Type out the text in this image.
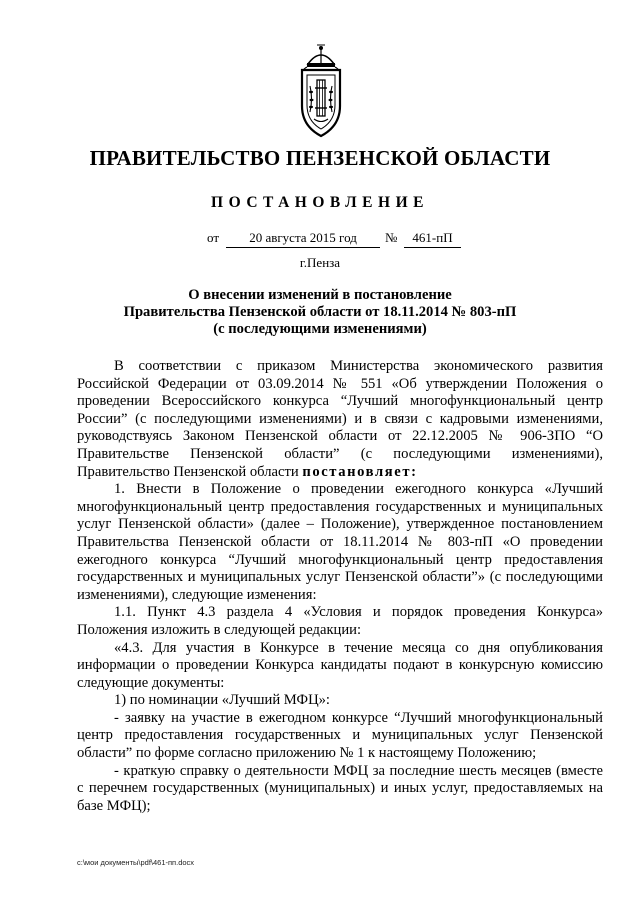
ПРАВИТЕЛЬСТВО ПЕНЗЕНСКОЙ ОБЛАСТИ
ПОСТАНОВЛЕНИЕ
от	20 августа 2015 год	№	461-пП
г.Пенза
О внесении изменений в постановление
Правительства Пензенской области от 18.11.2014 № 803-пП
(с последующими изменениями)

В соответствии с приказом Министерства экономического развития Российской Федерации от 03.09.2014 № 551 «Об утверждении Положения о проведении Всероссийского конкурса “Лучший многофункциональный центр России” (с последующими изменениями) и в связи с кадровыми изменениями, руководствуясь Законом Пензенской области от 22.12.2005 № 906-ЗПО “О Правительстве Пензенской области” (с последующими изменениями), Правительство Пензенской области постановляет:

1. Внести в Положение о проведении ежегодного конкурса «Лучший многофункциональный центр предоставления государственных и муниципальных услуг Пензенской области» (далее – Положение), утвержденное постановлением Правительства Пензенской области от 18.11.2014 № 803-пП «О проведении ежегодного конкурса “Лучший многофункциональный центр предоставления государственных и муниципальных услуг Пензенской области”» (с последующими изменениями), следующие изменения:

1.1. Пункт 4.3 раздела 4 «Условия и порядок проведения Конкурса» Положения изложить в следующей редакции:

«4.3. Для участия в Конкурсе в течение месяца со дня опубликования информации о проведении Конкурса кандидаты подают в конкурсную комиссию следующие документы:

1) по номинации «Лучший МФЦ»:

- заявку на участие в ежегодном конкурсе “Лучший многофункциональный центр предоставления государственных и муниципальных услуг Пензенской области” по форме согласно приложению № 1 к настоящему Положению;

- краткую справку о деятельности МФЦ за последние шесть месяцев (вместе с перечнем государственных (муниципальных) и иных услуг, предоставляемых на базе МФЦ);

c:\мои документы\pdf\461-пп.docx
